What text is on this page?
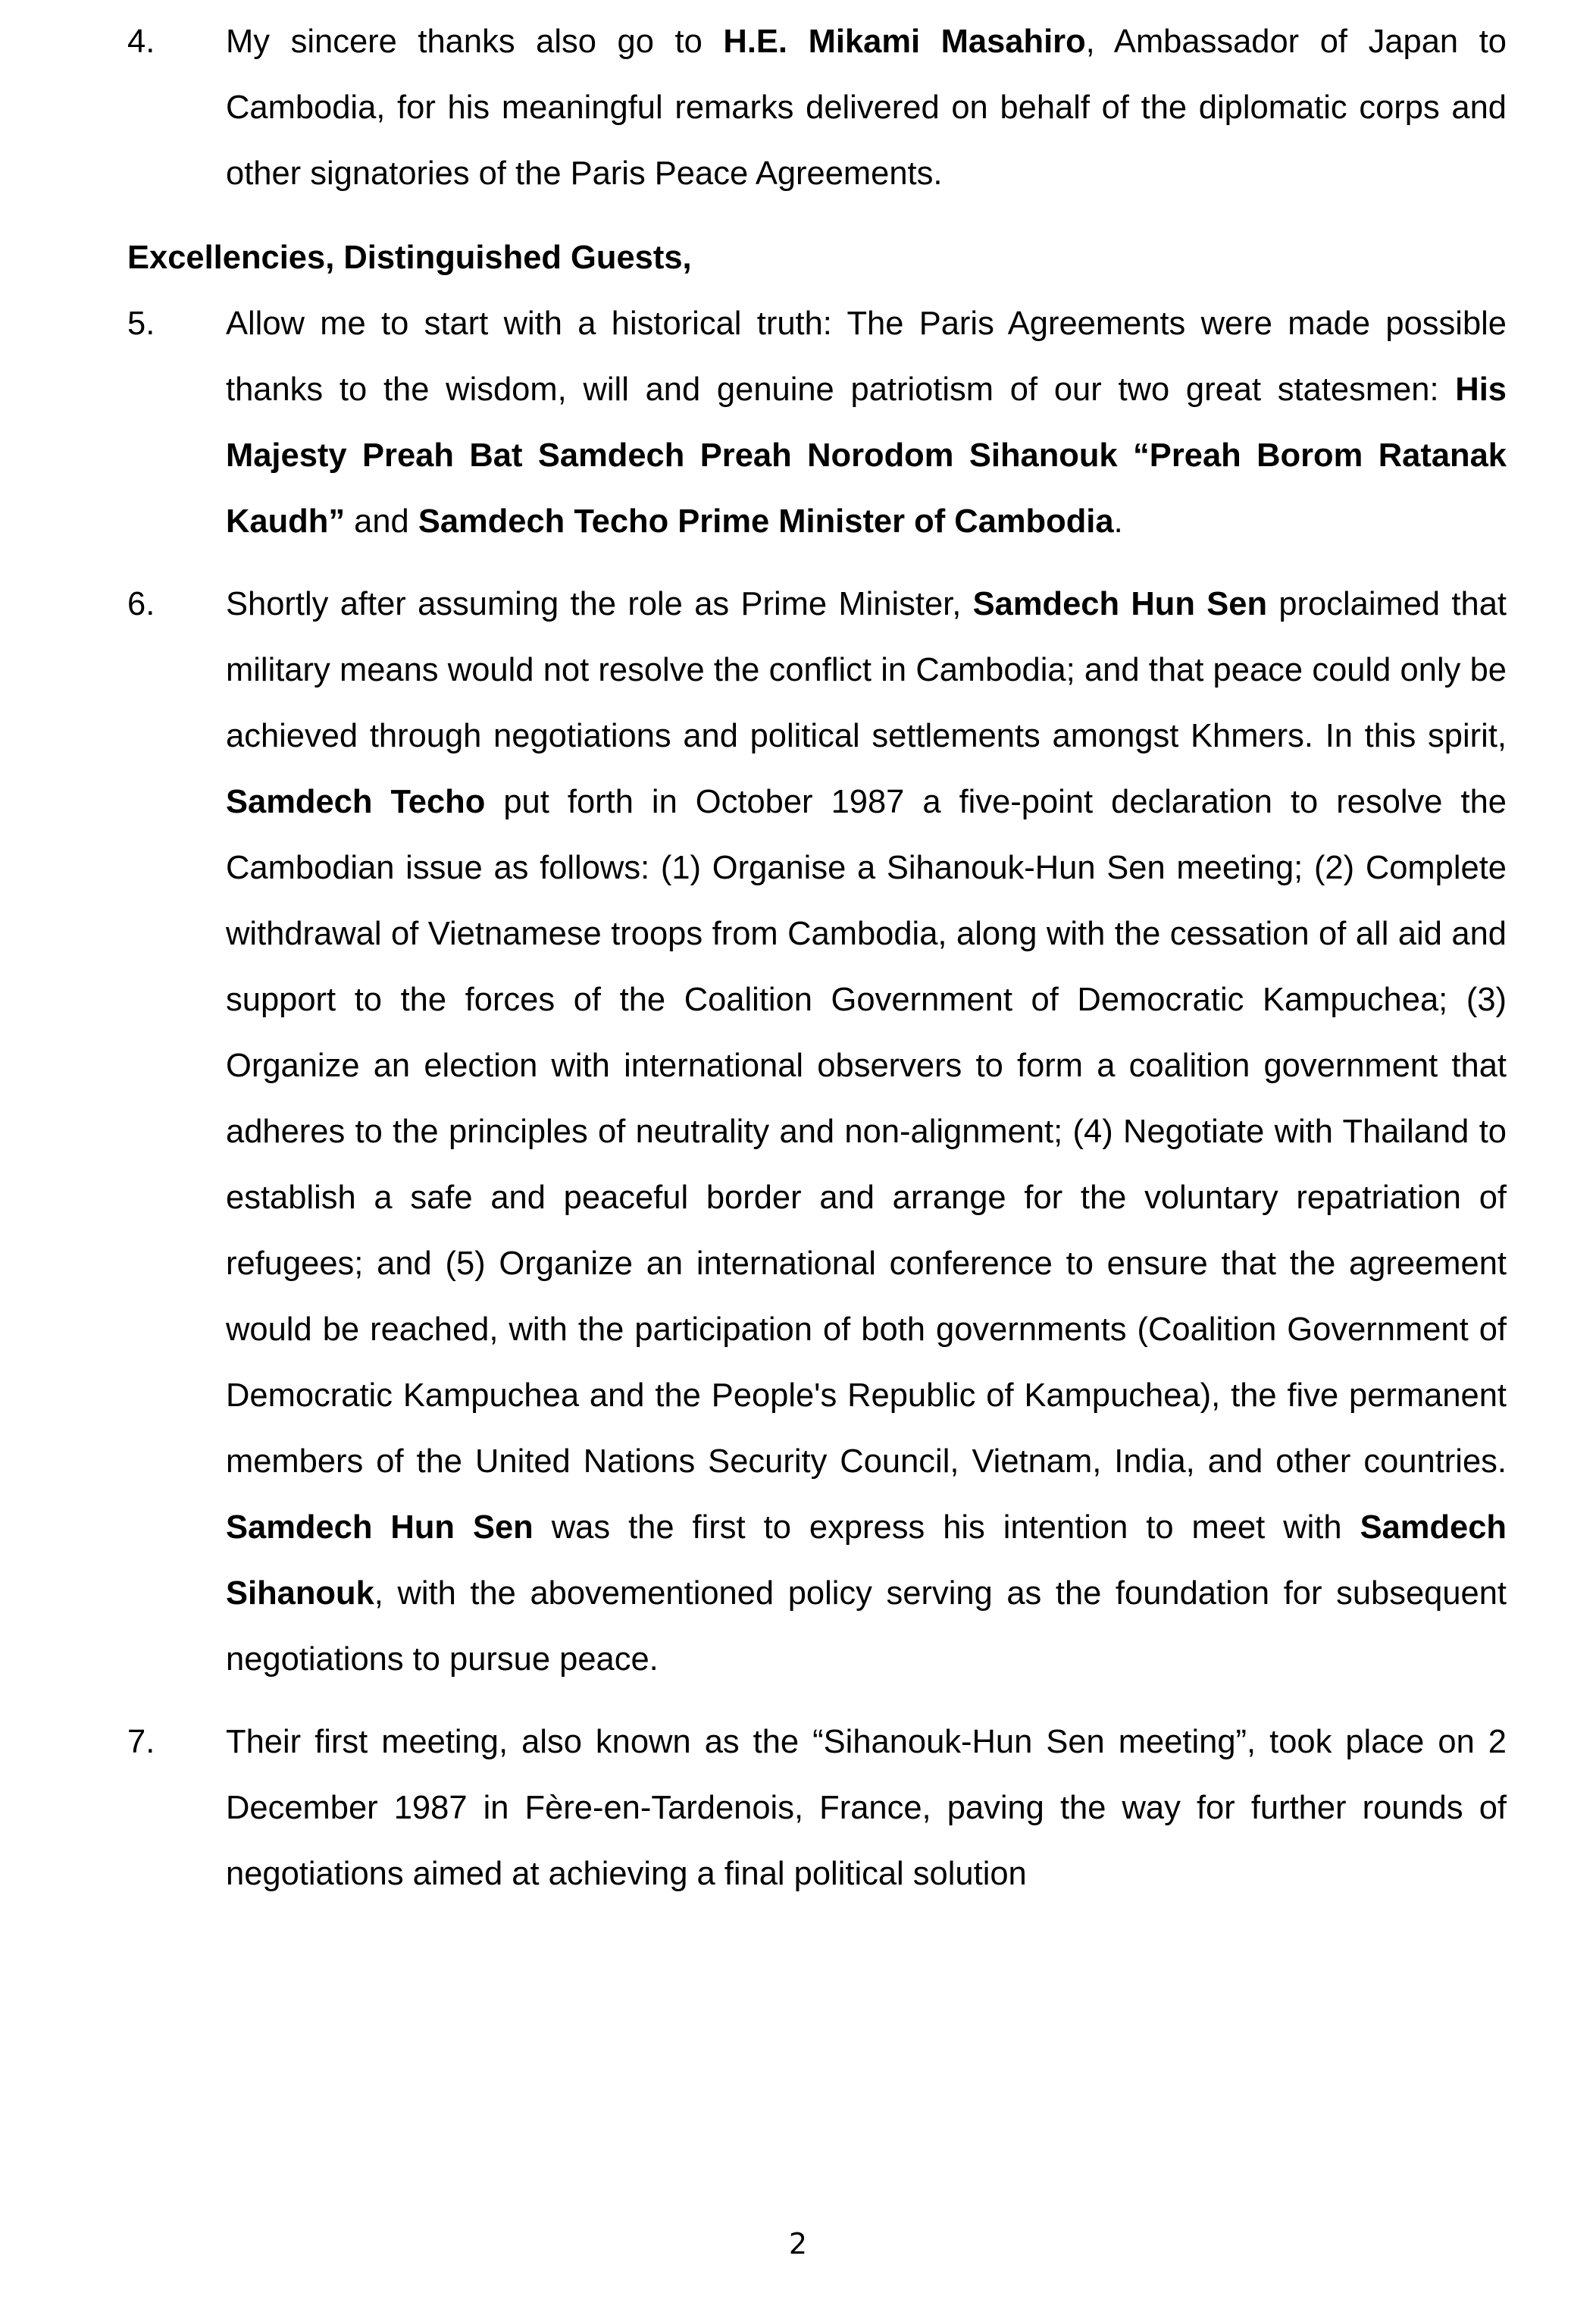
4.	My sincere thanks also go to H.E. Mikami Masahiro, Ambassador of Japan to Cambodia, for his meaningful remarks delivered on behalf of the diplomatic corps and other signatories of the Paris Peace Agreements.

Excellencies, Distinguished Guests,

5.	Allow me to start with a historical truth: The Paris Agreements were made possible thanks to the wisdom, will and genuine patriotism of our two great statesmen: His Majesty Preah Bat Samdech Preah Norodom Sihanouk “Preah Borom Ratanak Kaudh” and Samdech Techo Prime Minister of Cambodia.

6.	Shortly after assuming the role as Prime Minister, Samdech Hun Sen proclaimed that military means would not resolve the conflict in Cambodia; and that peace could only be achieved through negotiations and political settlements amongst Khmers. In this spirit, Samdech Techo put forth in October 1987 a five-point declaration to resolve the Cambodian issue as follows: (1) Organise a Sihanouk-Hun Sen meeting; (2) Complete withdrawal of Vietnamese troops from Cambodia, along with the cessation of all aid and support to the forces of the Coalition Government of Democratic Kampuchea; (3) Organize an election with international observers to form a coalition government that adheres to the principles of neutrality and non-alignment; (4) Negotiate with Thailand to establish a safe and peaceful border and arrange for the voluntary repatriation of refugees; and (5) Organize an international conference to ensure that the agreement would be reached, with the participation of both governments (Coalition Government of Democratic Kampuchea and the People's Republic of Kampuchea), the five permanent members of the United Nations Security Council, Vietnam, India, and other countries. Samdech Hun Sen was the first to express his intention to meet with Samdech Sihanouk, with the abovementioned policy serving as the foundation for subsequent negotiations to pursue peace.

7.	Their first meeting, also known as the “Sihanouk-Hun Sen meeting”, took place on 2 December 1987 in Fère-en-Tardenois, France, paving the way for further rounds of negotiations aimed at achieving a final political solution

2
